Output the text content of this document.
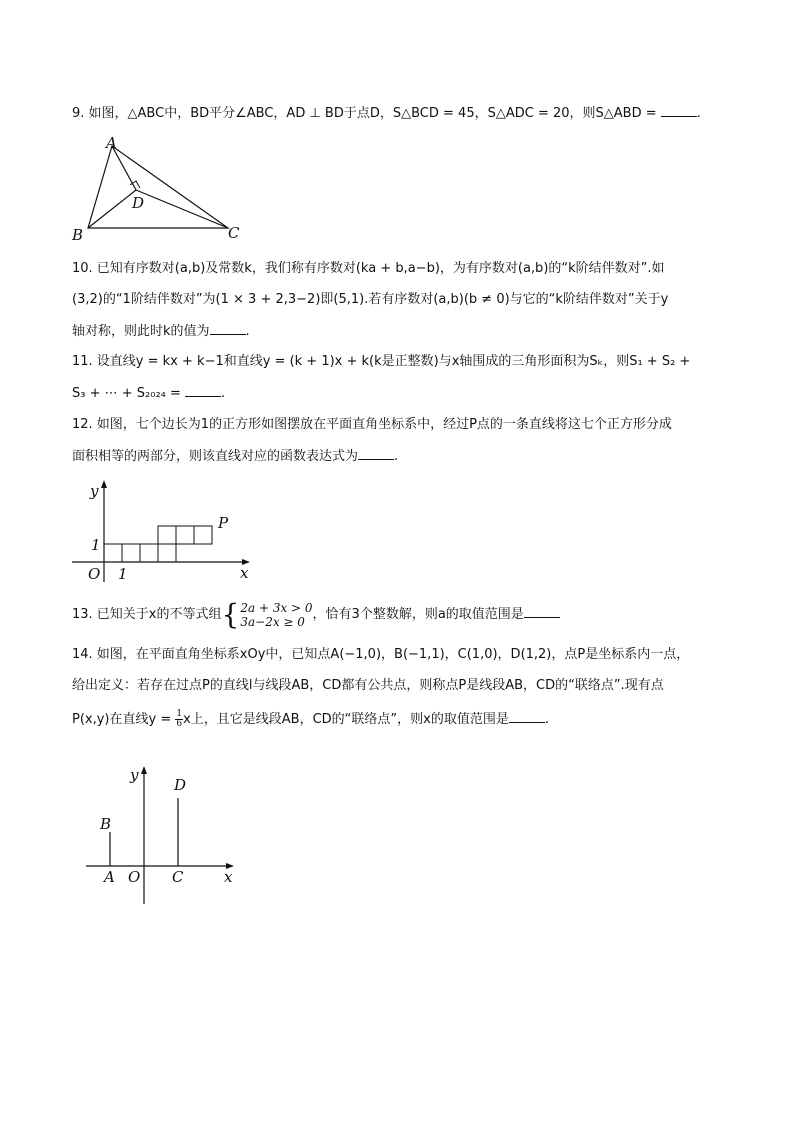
9. 如图，△ABC中，BD平分∠ABC，AD ⊥ BD于点D，S△BCD = 45，S△ADC = 20，则S△ABD =	.
A
B	C
D
10. 已知有序数对(a,b)及常数k，我们称有序数对(ka + b,a−b)，为有序数对(a,b)的“k阶结伴数对”.如
(3,2)的“1阶结伴数对”为(1 × 3 + 2,3−2)即(5,1).若有序数对(a,b)(b ≠ 0)与它的“k阶结伴数对”关于y
轴对称，则此时k的值为	.
11. 设直线y = kx + k−1和直线y = (k + 1)x + k(k是正整数)与x轴围成的三角形面积为Sₖ，则S₁ + S₂ +
S₃ + ⋯ + S₂₀₂₄ =	.
12. 如图，七个边长为1的正方形如图摆放在平面直角坐标系中，经过P点的一条直线将这七个正方形分成
面积相等的两部分，则该直线对应的函数表达式为	.
y
x
O
1
1
P
13. 已知关于x的不等式组{ 2a + 3x > 0
3a−2x ≥ 0 ，恰有3个整数解，则a的取值范围是
14. 如图，在平面直角坐标系xOy中，已知点A(−1,0)，B(−1,1)，C(1,0)，D(1,2)，点P是坐标系内一点，
给出定义：若存在过点P的直线l与线段AB，CD都有公共点，则称点P是线段AB，CD的“联络点”.现有点
P(x,y)在直线$y = \frac{1}{6}$ x上，且它是线段AB，CD的“联络点”，则x的取值范围是	.
y
x
O
A
B
C
D
